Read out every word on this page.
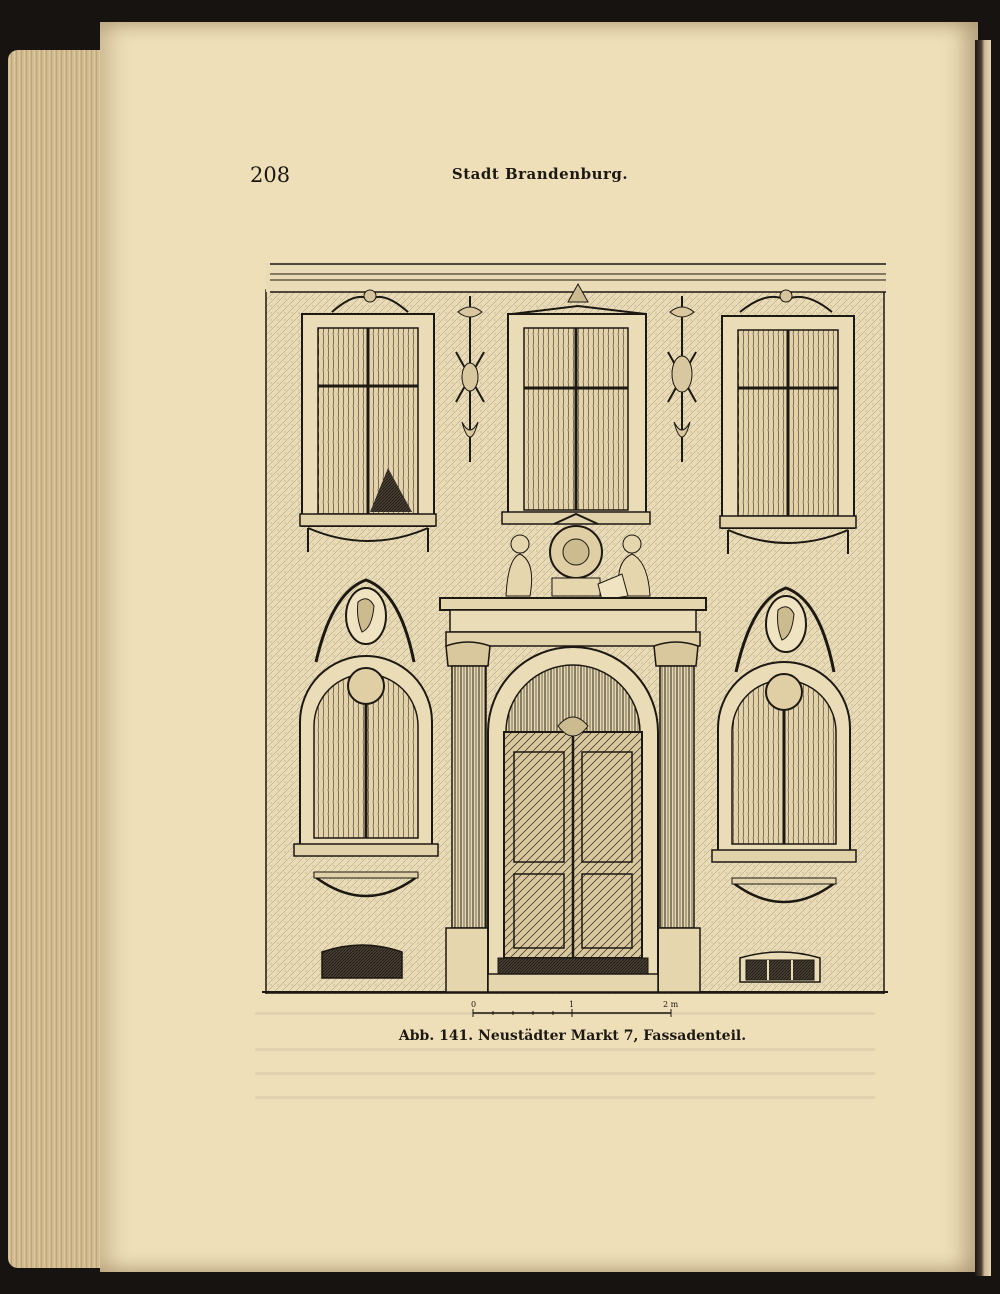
208	Stadt Brandenburg.
0	1	2 m
Abb. 141. Neustädter Markt 7, Fassadenteil.
